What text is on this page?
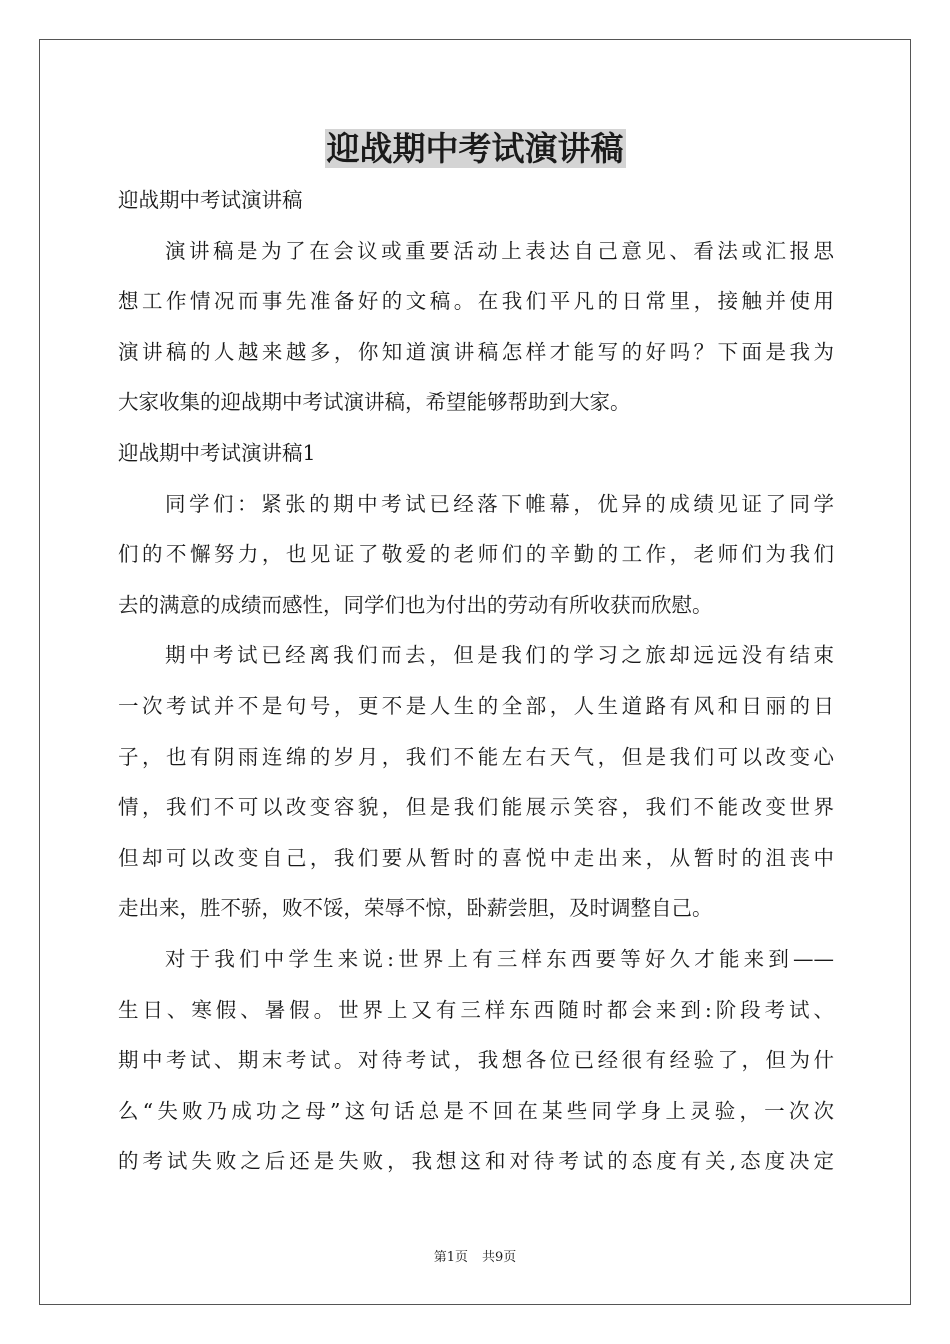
迎战期中考试演讲稿
迎战期中考试演讲稿
演讲稿是为了在会议或重要活动上表达自己意见、看法或汇报思
想工作情况而事先准备好的文稿。在我们平凡的日常里，接触并使用
演讲稿的人越来越多，你知道演讲稿怎样才能写的好吗？下面是我为
大家收集的迎战期中考试演讲稿，希望能够帮助到大家。
迎战期中考试演讲稿1
同学们：紧张的期中考试已经落下帷幕，优异的成绩见证了同学
们的不懈努力，也见证了敬爱的老师们的辛勤的工作，老师们为我们
去的满意的成绩而感性，同学们也为付出的劳动有所收获而欣慰。
期中考试已经离我们而去，但是我们的学习之旅却远远没有结束
一次考试并不是句号，更不是人生的全部，人生道路有风和日丽的日
子，也有阴雨连绵的岁月，我们不能左右天气，但是我们可以改变心
情，我们不可以改变容貌，但是我们能展示笑容，我们不能改变世界
但却可以改变自己，我们要从暂时的喜悦中走出来，从暂时的沮丧中
走出来，胜不骄，败不馁，荣辱不惊，卧薪尝胆，及时调整自己。
对于我们中学生来说:世界上有三样东西要等好久才能来到——
生日、寒假、暑假。世界上又有三样东西随时都会来到:阶段考试、
期中考试、期末考试。对待考试，我想各位已经很有经验了，但为什
么“失败乃成功之母”这句话总是不回在某些同学身上灵验，一次次
的考试失败之后还是失败，我想这和对待考试的态度有关,态度决定
第1页 共9页
